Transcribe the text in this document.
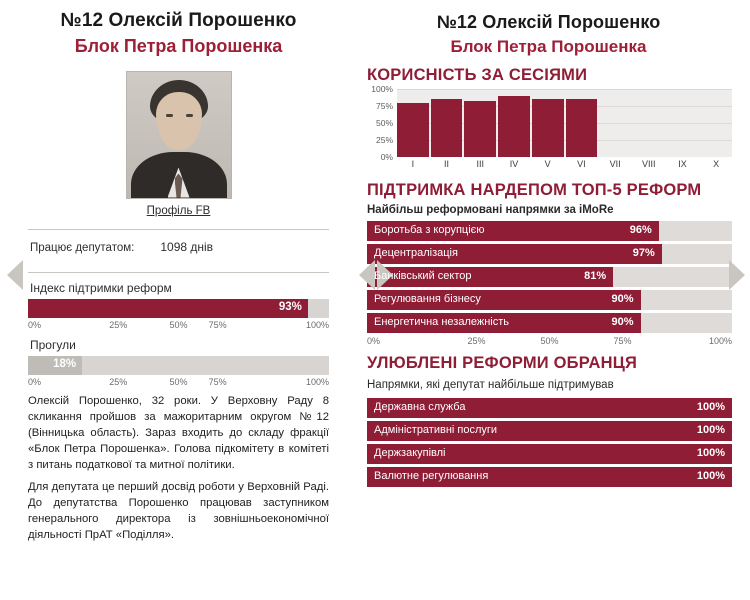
№12 Олексій Порошенко
Блок Петра Порошенка
Профіль FB
Працює депутатом: 1098 днів
Індекс підтримки реформ
93%
0%	25%	50%	75%	100%
Прогули
18%
0%	25%	50%	75%	100%

Олексій Порошенко, 32 роки. У Верховну Раду 8 скликання пройшов за мажоритарним округом №12 (Вінницька область). Зараз входить до складу фракції «Блок Петра Порошенка». Голова підкомітету в комітеті з питань податкової та митної політики.

Для депутата це перший досвід роботи у Верховній Раді. До депутатства Порошенко працював заступником генерального директора із зовнішньоекономічної діяльності ПрАТ «Поділля».

№12 Олексій Порошенко
Блок Петра Порошенка
КОРИСНІСТЬ ЗА СЕСІЯМИ
100%
75%
50%
25%
0%
I	II	III	IV	V	VI	VII	VIII	IX	X
ПІДТРИМКА НАРДЕПОМ ТОП-5 РЕФОРМ
Найбільш реформовані напрямки за iMoRe
Боротьба з корупцією	96%
Децентралізація	97%
Банківський сектор	81%
Регулювання бізнесу	90%
Енергетична незалежність	90%
0%	25%	50%	75%	100%
УЛЮБЛЕНІ РЕФОРМИ ОБРАНЦЯ
Напрямки, які депутат найбільше підтримував
Державна служба	100%
Адміністративні послуги	100%
Держзакупівлі	100%
Валютне регулювання	100%
